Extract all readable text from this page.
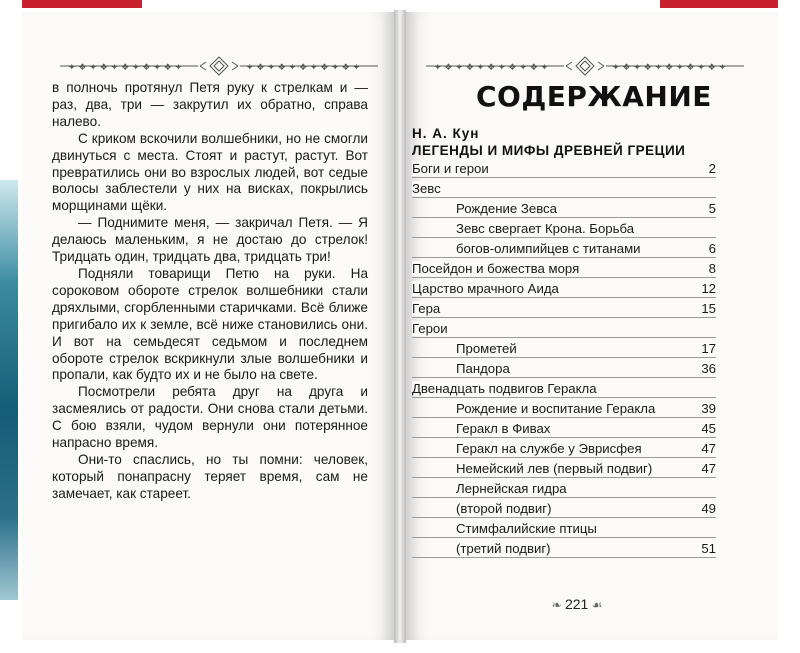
✦ ❖ ✦ ❖ ✦ ❖ ✦ ❖ ✦ ❖ ✦	✦ ❖ ✦ ❖ ✦ ❖ ✦ ❖ ✦ ❖ ✦

в полночь протянул Петя руку к стрелкам и — раз, два, три — закрутил их обратно, справа налево.

С криком вскочили волшебники, но не смогли двинуться с места. Стоят и растут, растут. Вот превратились они во взрослых людей, вот седые волосы заблестели у них на висках, покрылись морщинами щёки.

— Поднимите меня, — закричал Петя. — Я делаюсь маленьким, я не достаю до стрелок! Тридцать один, тридцать два, тридцать три!

Подняли товарищи Петю на руки. На сороковом обороте стрелок волшебники стали дряхлыми, сгорбленными старичками. Всё ближе пригибало их к земле, всё ниже становились они. И вот на семьдесят седьмом и последнем обороте стрелок вскрикнули злые волшебники и пропали, как будто их и не было на свете.

Посмотрели ребята друг на друга и засмеялись от радости. Они снова стали детьми. С бою взяли, чудом вернули они потерянное напрасно время.

Они-то спаслись, но ты помни: человек, который понапрасну теряет время, сам не замечает, как стареет.

✦ ❖ ✦ ❖ ✦ ❖ ✦ ❖ ✦ ❖ ✦	✦ ❖ ✦ ❖ ✦ ❖ ✦ ❖ ✦ ❖ ✦
СОДЕРЖАНИЕ
Н. А. Кун
ЛЕГЕНДЫ И МИФЫ ДРЕВНЕЙ ГРЕЦИИ
Боги и герои	2
Зевс
Рождение Зевса	5
Зевс свергает Крона. Борьба
богов-олимпийцев с титанами	6
Посейдон и божества моря	8
Царство мрачного Аида	12
Гера	15
Герои
Прометей	17
Пандора	36
Двенадцать подвигов Геракла
Рождение и воспитание Геракла	39
Геракл в Фивах	45
Геракл на службе у Эврисфея	47
Немейский лев (первый подвиг)	47
Лернейская гидра
(второй подвиг)	49
Стимфалийские птицы
(третий подвиг)	51
❧ 221 ☙
